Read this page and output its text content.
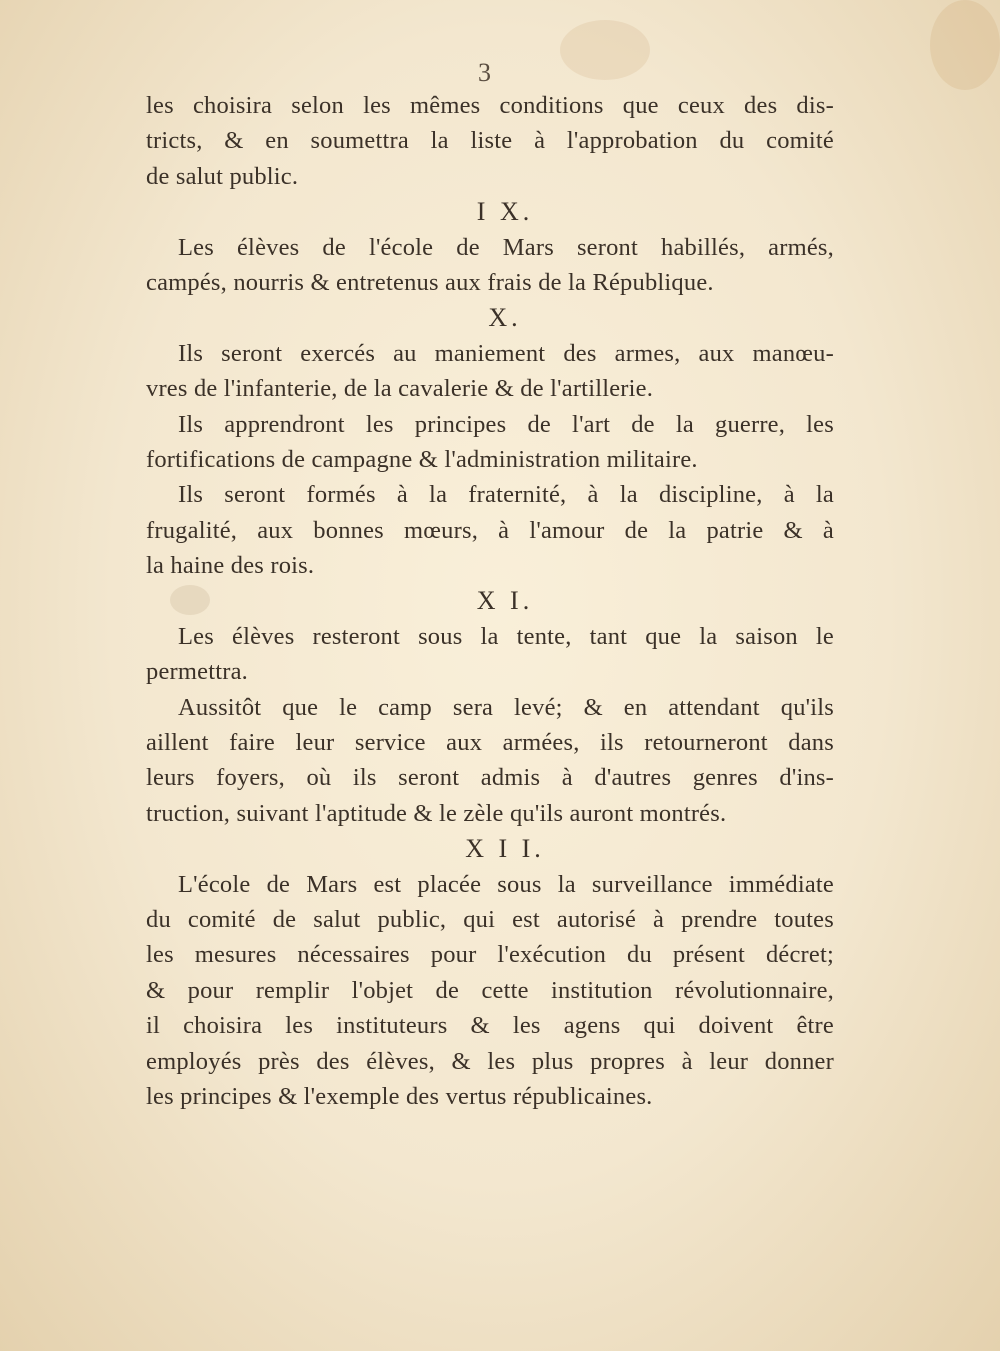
3
les choisira selon les mêmes conditions que ceux des dis-
tricts, & en soumettra la liste à l'approbation du comité
de salut public.
I X.
Les élèves de l'école de Mars seront habillés, armés,
campés, nourris & entretenus aux frais de la République.
X.
Ils seront exercés au maniement des armes, aux manœu-
vres de l'infanterie, de la cavalerie & de l'artillerie.
Ils apprendront les principes de l'art de la guerre, les
fortifications de campagne & l'administration militaire.
Ils seront formés à la fraternité, à la discipline, à la
frugalité, aux bonnes mœurs, à l'amour de la patrie & à
la haine des rois.
X I.
Les élèves resteront sous la tente, tant que la saison le
permettra.
Aussitôt que le camp sera levé; & en attendant qu'ils
aillent faire leur service aux armées, ils retourneront dans
leurs foyers, où ils seront admis à d'autres genres d'ins-
truction, suivant l'aptitude & le zèle qu'ils auront montrés.
X I I.
L'école de Mars est placée sous la surveillance immédiate
du comité de salut public, qui est autorisé à prendre toutes
les mesures nécessaires pour l'exécution du présent décret;
& pour remplir l'objet de cette institution révolutionnaire,
il choisira les instituteurs & les agens qui doivent être
employés près des élèves, & les plus propres à leur donner
les principes & l'exemple des vertus républicaines.
